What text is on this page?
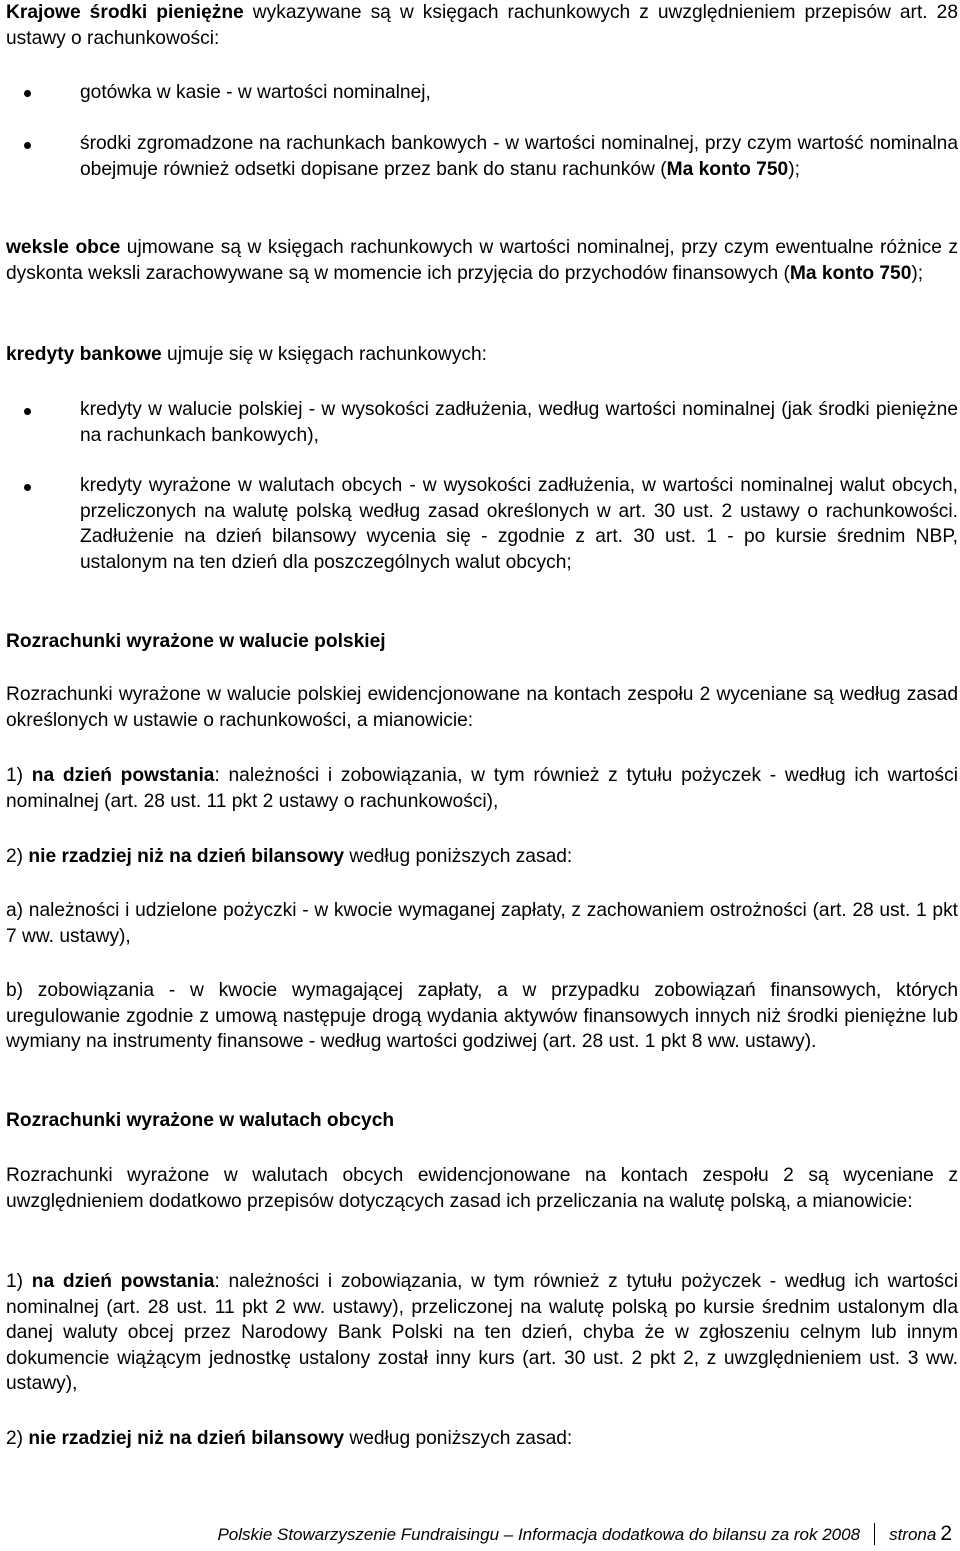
Krajowe środki pieniężne wykazywane są w księgach rachunkowych z uwzględnieniem przepisów art. 28 ustawy o rachunkowości:

gotówka w kasie - w wartości nominalnej,

środki zgromadzone na rachunkach bankowych - w wartości nominalnej, przy czym wartość nominalna obejmuje również odsetki dopisane przez bank do stanu rachunków (Ma konto 750);

weksle obce ujmowane są w księgach rachunkowych w wartości nominalnej, przy czym ewentualne różnice z dyskonta weksli zarachowywane są w momencie ich przyjęcia do przychodów finansowych (Ma konto 750);

kredyty bankowe ujmuje się w księgach rachunkowych:

kredyty w walucie polskiej - w wysokości zadłużenia, według wartości nominalnej (jak środki pieniężne na rachunkach bankowych),

kredyty wyrażone w walutach obcych - w wysokości zadłużenia, w wartości nominalnej walut obcych, przeliczonych na walutę polską według zasad określonych w art. 30 ust. 2 ustawy o rachunkowości. Zadłużenie na dzień bilansowy wycenia się - zgodnie z art. 30 ust. 1 - po kursie średnim NBP, ustalonym na ten dzień dla poszczególnych walut obcych;

Rozrachunki wyrażone w walucie polskiej

Rozrachunki wyrażone w walucie polskiej ewidencjonowane na kontach zespołu 2 wyceniane są według zasad określonych w ustawie o rachunkowości, a mianowicie:

1) na dzień powstania: należności i zobowiązania, w tym również z tytułu pożyczek - według ich wartości nominalnej (art. 28 ust. 11 pkt 2 ustawy o rachunkowości),

2) nie rzadziej niż na dzień bilansowy według poniższych zasad:

a) należności i udzielone pożyczki - w kwocie wymaganej zapłaty, z zachowaniem ostrożności (art. 28 ust. 1 pkt 7 ww. ustawy),

b) zobowiązania - w kwocie wymagającej zapłaty, a w przypadku zobowiązań finansowych, których uregulowanie zgodnie z umową następuje drogą wydania aktywów finansowych innych niż środki pieniężne lub wymiany na instrumenty finansowe - według wartości godziwej (art. 28 ust. 1 pkt 8 ww. ustawy).

Rozrachunki wyrażone w walutach obcych

Rozrachunki wyrażone w walutach obcych ewidencjonowane na kontach zespołu 2 są wyceniane z uwzględnieniem dodatkowo przepisów dotyczących zasad ich przeliczania na walutę polską, a mianowicie:

1) na dzień powstania: należności i zobowiązania, w tym również z tytułu pożyczek - według ich wartości nominalnej (art. 28 ust. 11 pkt 2 ww. ustawy), przeliczonej na walutę polską po kursie średnim ustalonym dla danej waluty obcej przez Narodowy Bank Polski na ten dzień, chyba że w zgłoszeniu celnym lub innym dokumencie wiążącym jednostkę ustalony został inny kurs (art. 30 ust. 2 pkt 2, z uwzględnieniem ust. 3 ww. ustawy),

2) nie rzadziej niż na dzień bilansowy według poniższych zasad:

Polskie Stowarzyszenie Fundraisingu – Informacja dodatkowa do bilansu za rok 2008 strona 2
